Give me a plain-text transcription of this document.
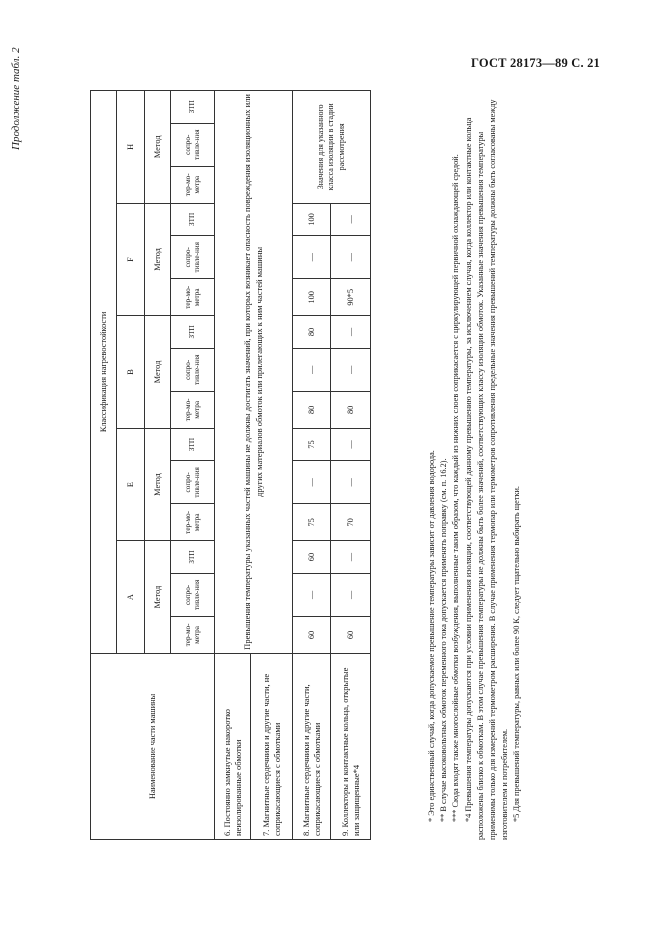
ГОСТ 28173—89 С. 21
Продолжение табл. 2
Наименование части машины	Классификация нагревостойкости														
	A			E			B			F			H		
	Метод			Метод			Метод			Метод			Метод		
	тер-мо-метра	сопро-тивле-ния	ЗТП	тер-мо-метра	сопро-тивле-ния	ЗТП	тер-мо-метра	сопро-тивле-ния	ЗТП	тер-мо-метра	сопро-тивле-ния	ЗТП	тер-мо-метра	сопро-тивле-ния	ЗТП
6. Постоянно замкнутые накоротко неизолированные обмотки	Превышения температуры указанных частей машины не должны достигать значений, при которых возникает опасность повреждения изоляционных или других материалов обмоток или прилегающих к ним частей машины														
7. Магнитные сердечники и другие части, не соприкасающиеся с обмотками															
8. Магнитные сердечники и другие части, соприкасающиеся с обмотками	60	—	60	75	—	75	80	—	80	100	—	100	Значения для указанного класса изоляции в стадии рассмотрения		
9. Коллекторы и контактные кольца, открытые или защищенные*4	60	—	—	70	—	—	80	—	—	90*5	—	—			

* Это единственный случай, когда допускаемое превышение температуры зависит от давления водорода. ** В случае высоковольтных обмоток переменного тока допускается применять поправку (см. п. 16.2). *** Сюда входят также многослойные обмотки возбуждения, выполненные таким образом, что каждый из нижних слоев соприкасается с циркулирующей первичной охлаждающей средой. *4 Превышения температуры допускаются при условии применения изоляции, соответствующей данному превышению температуры, за исключением случая, когда коллектор или контактные кольца расположены близко к обмоткам. В этом случае превышения температуры не должны быть более значений, соответствующих классу изоляции обмоток. Указанные значения превышения температуры применимы только для измерений термометром расширения. В случае применения термопар или термометров сопротивления предельные значения превышений температуры должны быть согласованы между изготовителем и потребителем. *5 Для превышений температуры, равных или более 90 К, следует тщательно выбирать щетки.
